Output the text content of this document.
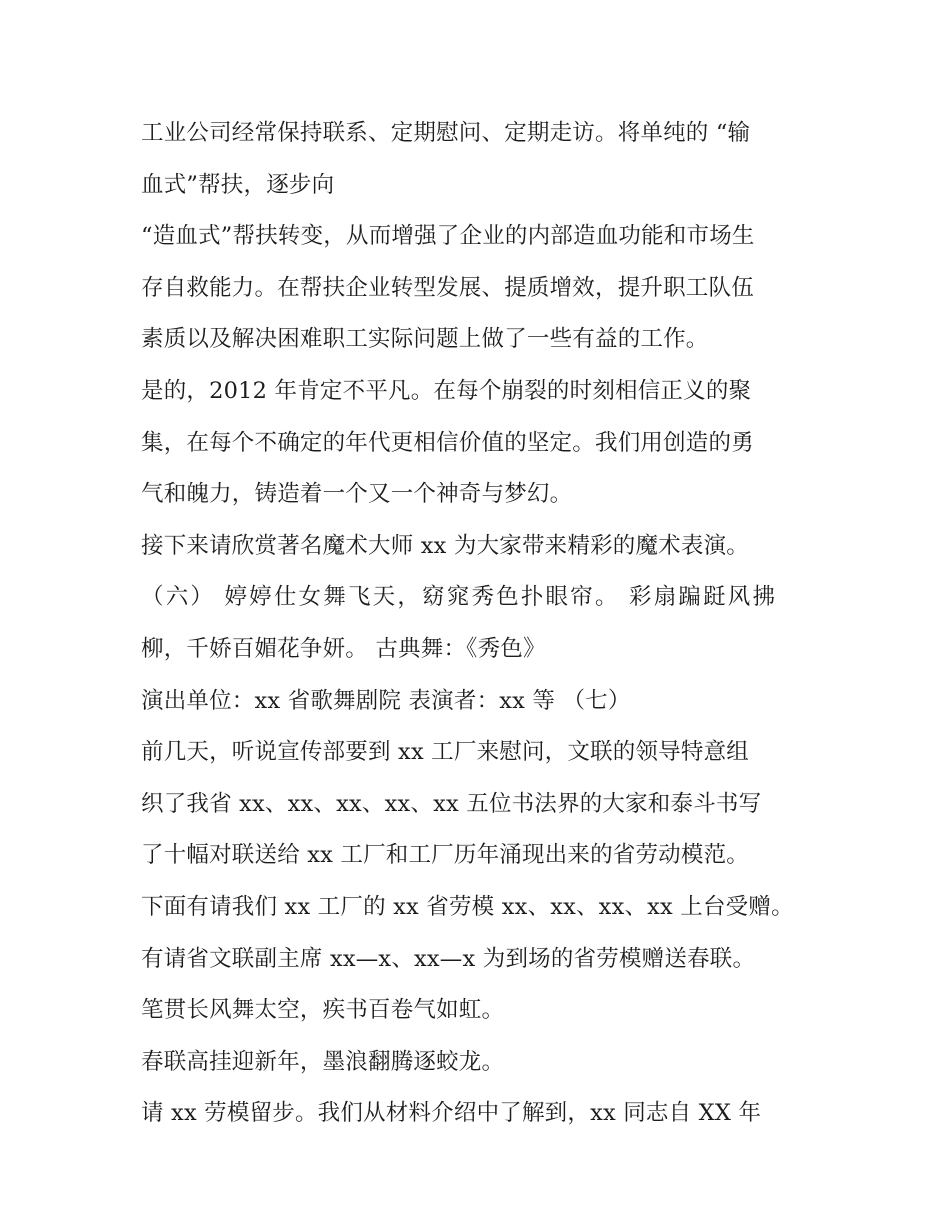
工业公司经常保持联系、定期慰问、定期走访。将单纯的 “输
血式”帮扶，逐步向
“造血式”帮扶转变，从而增强了企业的内部造血功能和市场生
存自救能力。在帮扶企业转型发展、提质增效，提升职工队伍
素质以及解决困难职工实际问题上做了一些有益的工作。
是的，2012 年肯定不平凡。在每个崩裂的时刻相信正义的聚
集，在每个不确定的年代更相信价值的坚定。我们用创造的勇
气和魄力，铸造着一个又一个神奇与梦幻。
接下来请欣赏著名魔术大师 xx 为大家带来精彩的魔术表演。
（六） 婷婷仕女舞飞天，窈窕秀色扑眼帘。 彩扇蹁跹风拂
柳，千娇百媚花争妍。 古典舞：《秀色》
演出单位：xx 省歌舞剧院 表演者：xx 等 （七）
前几天，听说宣传部要到 xx 工厂来慰问，文联的领导特意组
织了我省 xx、xx、xx、xx、xx 五位书法界的大家和泰斗书写
了十幅对联送给 xx 工厂和工厂历年涌现出来的省劳动模范。
下面有请我们 xx 工厂的 xx 省劳模 xx、xx、xx、xx 上台受赠。
有请省文联副主席 xx—x、xx—x 为到场的省劳模赠送春联。
笔贯长风舞太空，疾书百卷气如虹。
春联高挂迎新年，墨浪翻腾逐蛟龙。
请 xx 劳模留步。我们从材料介绍中了解到，xx 同志自 XX 年
